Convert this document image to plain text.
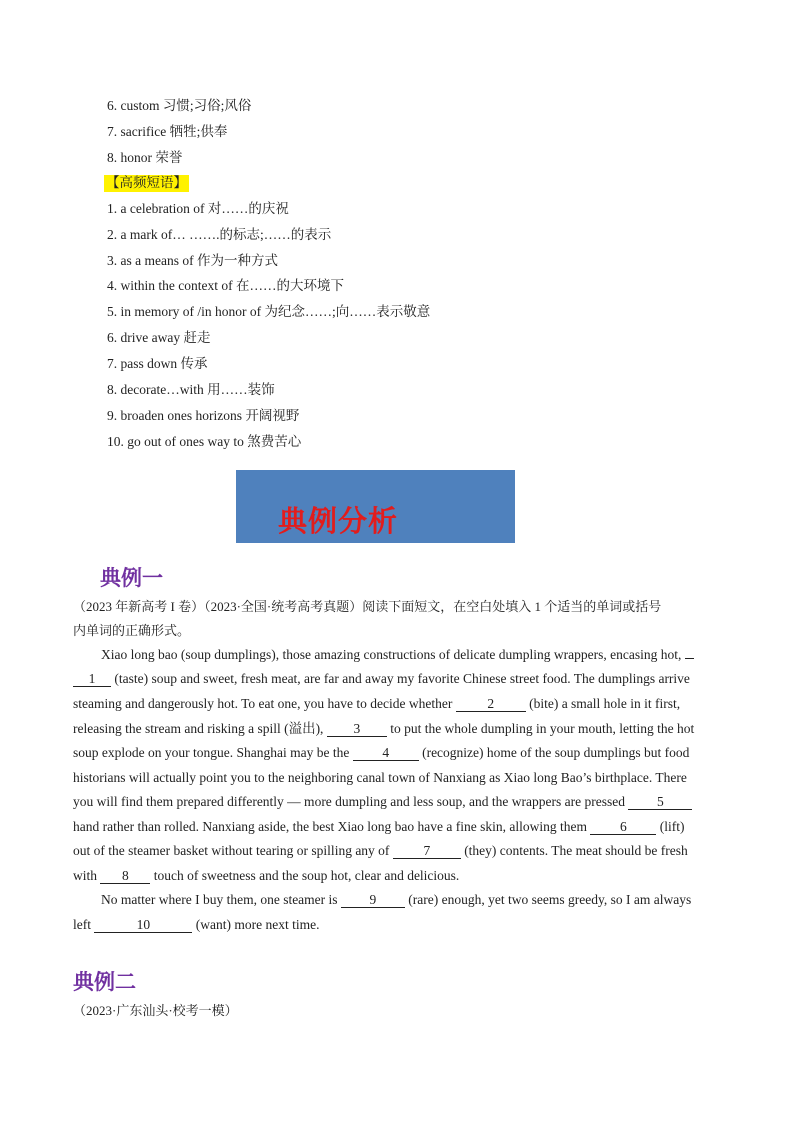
6. custom 习惯;习俗;风俗
7. sacrifice 牺牲;供奉
8. honor 荣誉
【高频短语】
1. a celebration of 对……的庆祝
2. a mark of… …….的标志;……的表示
3. as a means of 作为一种方式
4. within the context of 在……的大环境下
5. in memory of /in honor of 为纪念……;向……表示敬意
6. drive away 赶走
7. pass down 传承
8. decorate…with 用……装饰
9. broaden ones horizons 开阔视野
10. go out of ones way to 煞费苦心
典例分析
典例一
（2023 年新高考 I 卷）（2023·全国·统考高考真题）阅读下面短文，在空白处填入 1 个适当的单词或括号
内单词的正确形式。
Xiao long bao (soup dumplings), those amazing constructions of delicate dumpling wrappers, encasing hot,
1 (taste) soup and sweet, fresh meat, are far and away my favorite Chinese street food. The dumplings arrive
steaming and dangerously hot. To eat one, you have to decide whether 2 (bite) a small hole in it first,
releasing the stream and risking a spill (溢出), 3 to put the whole dumpling in your mouth, letting the hot
soup explode on your tongue. Shanghai may be the 4 (recognize) home of the soup dumplings but food
historians will actually point you to the neighboring canal town of Nanxiang as Xiao long Bao’s birthplace. There
you will find them prepared differently — more dumpling and less soup, and the wrappers are pressed 5
hand rather than rolled. Nanxiang aside, the best Xiao long bao have a fine skin, allowing them 6 (lift)
out of the steamer basket without tearing or spilling any of 7 (they) contents. The meat should be fresh
with 8 touch of sweetness and the soup hot, clear and delicious.
No matter where I buy them, one steamer is 9 (rare) enough, yet two seems greedy, so I am always
left	10	(want) more next time.
典例二
（2023·广东汕头·校考一模）
